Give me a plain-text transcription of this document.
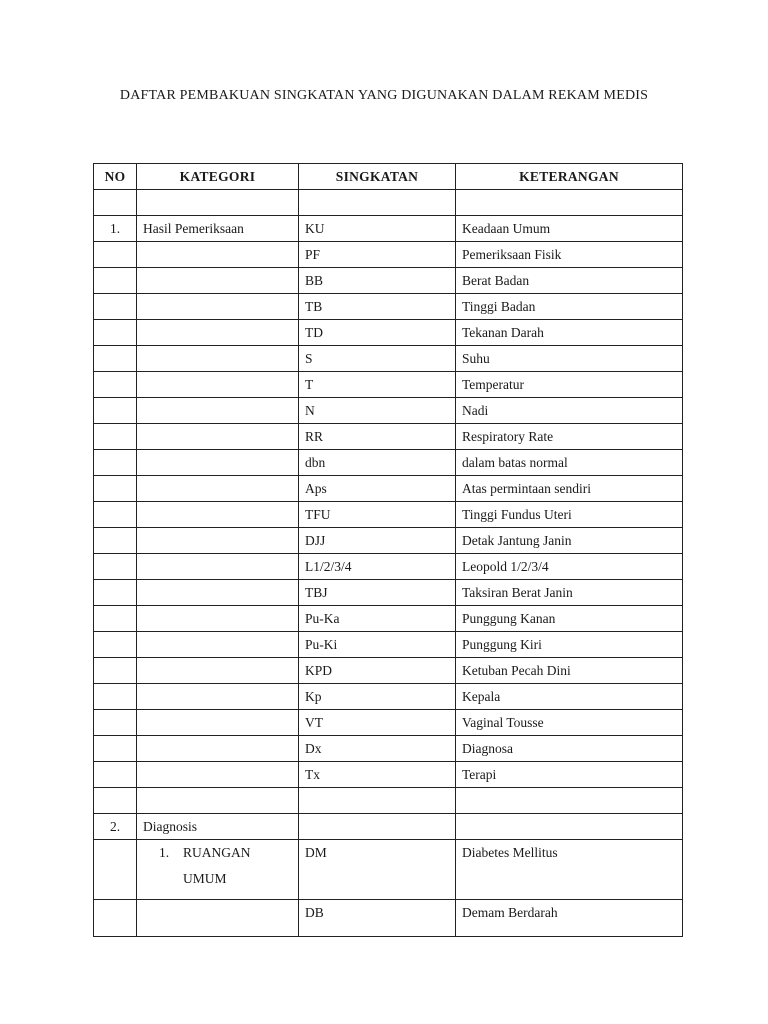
DAFTAR PEMBAKUAN SINGKATAN YANG DIGUNAKAN DALAM REKAM MEDIS
NO	KATEGORI	SINGKATAN	KETERANGAN

1.	Hasil Pemeriksaan	KU	Keadaan Umum
		PF	Pemeriksaan Fisik
		BB	Berat Badan
		TB	Tinggi Badan
		TD	Tekanan Darah
		S	Suhu
		T	Temperatur
		N	Nadi
		RR	Respiratory Rate
		dbn	dalam batas normal
		Aps	Atas permintaan sendiri
		TFU	Tinggi Fundus Uteri
		DJJ	Detak Jantung Janin
		L1/2/3/4	Leopold 1/2/3/4
		TBJ	Taksiran Berat Janin
		Pu-Ka	Punggung Kanan
		Pu-Ki	Punggung Kiri
		KPD	Ketuban Pecah Dini
		Kp	Kepala
		VT	Vaginal Tousse
		Dx	Diagnosa
		Tx	Terapi

2.	Diagnosis		

	1. RUANGAN UMUM	DM	Diabetes Mellitus
		DB	Demam Berdarah
